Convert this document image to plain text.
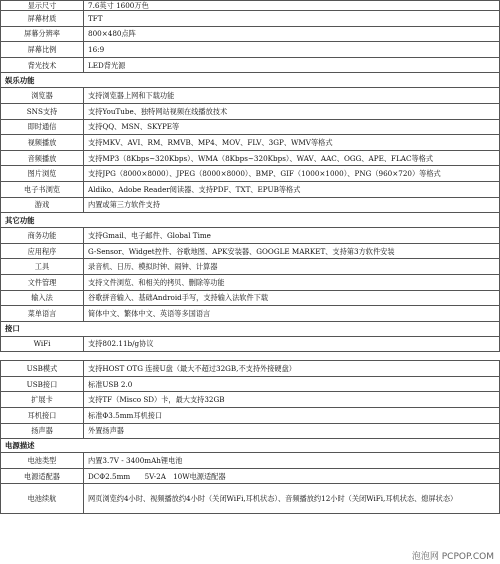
显示尺寸	7.6英寸 1600万色
屏幕材质	TFT
屏幕分辨率	800×480点阵
屏幕比例	16:9
背光技术	LED背光源
娱乐功能	
浏览器	支持浏览器上网和下载功能
SNS支持	支持YouTube、独特网站视频在线播放技术
即时通信	支持QQ、MSN、SKYPE等
视频播放	支持MKV、AVI、RM、RMVB、MP4、MOV、FLV、3GP、WMV等格式
音频播放	支持MP3（8Kbps~320Kbps）、WMA（8Kbps~320Kbps）、WAV、AAC、OGG、APE、FLAC等格式
图片浏览	支持JPG（8000×8000）、JPEG（8000×8000）、BMP、GIF（1000×1000）、PNG（960×720）等格式
电子书浏览	Aldiko、Adobe Reader阅读器、支持PDF、TXT、EPUB等格式
游戏	内置或第三方软件支持
其它功能	
商务功能	支持Gmail、电子邮件、Global Time
应用程序	G-Sensor、Widget控件、谷歌地图、APK安装器、GOOGLE MARKET、支持第3方软件安装
工具	录音机、日历、模拟时钟、闹钟、计算器
文件管理	支持文件浏览、和相关的拷贝、删除等功能
输入法	谷歌拼音输入、基础Android手写，支持输入法软件下载
菜单语言	简体中文、繁体中文、英语等多国语言
接口	
WiFi	支持802.11b/g协议

USB模式	支持HOST OTG 连接U盘（最大不超过32GB,不支持外接硬盘）
USB接口	标准USB 2.0
扩展卡	支持TF（Misco SD）卡，最大支持32GB
耳机接口	标准Φ3.5mm耳机接口
扬声器	外置扬声器
电源描述	
电池类型	内置3.7V - 3400mAh锂电池
电源适配器	DCΦ2.5mm　　5V-2A　10W电源适配器
电池续航	网页浏览约4小时、视频播放约4小时（关闭WiFi,耳机状态）、音频播放约12小时（关闭WiFi,耳机状态、熄屏状态）
泡泡网 PCPOP.COM
